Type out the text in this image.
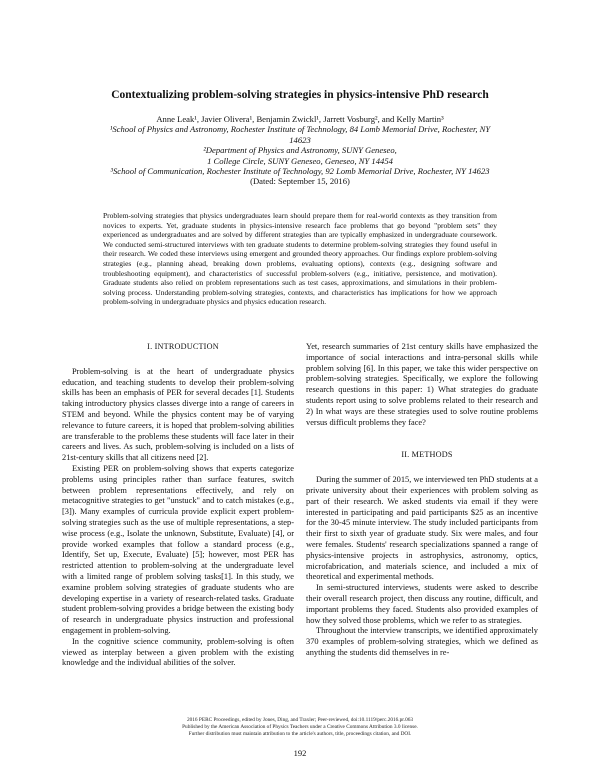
Contextualizing problem-solving strategies in physics-intensive PhD research
Anne Leak¹, Javier Olivera¹, Benjamin Zwickl¹, Jarrett Vosburg², and Kelly Martin³
¹School of Physics and Astronomy, Rochester Institute of Technology, 84 Lomb Memorial Drive, Rochester, NY
14623
²Department of Physics and Astronomy, SUNY Geneseo,
1 College Circle, SUNY Geneseo, Geneseo, NY 14454
³School of Communication, Rochester Institute of Technology, 92 Lomb Memorial Drive, Rochester, NY 14623
(Dated: September 15, 2016)
Problem-solving strategies that physics undergraduates learn should prepare them for real-world contexts as they transition from novices to experts. Yet, graduate students in physics-intensive research face problems that go beyond "problem sets" they experienced as undergraduates and are solved by different strategies than are typically emphasized in undergraduate coursework. We conducted semi-structured interviews with ten graduate students to determine problem-solving strategies they found useful in their research. We coded these interviews using emergent and grounded theory approaches. Our findings explore problem-solving strategies (e.g., planning ahead, breaking down problems, evaluating options), contexts (e.g., designing software and troubleshooting equipment), and characteristics of successful problem-solvers (e.g., initiative, persistence, and motivation). Graduate students also relied on problem representations such as test cases, approximations, and simulations in their problem-solving process. Understanding problem-solving strategies, contexts, and characteristics has implications for how we approach problem-solving in undergraduate physics and physics education research.

I. INTRODUCTION

Problem-solving is at the heart of undergraduate physics education, and teaching students to develop their problem-solving skills has been an emphasis of PER for several decades [1]. Students taking introductory physics classes diverge into a range of careers in STEM and beyond. While the physics content may be of varying relevance to future careers, it is hoped that problem-solving abilities are transferable to the problems these students will face later in their careers and lives. As such, problem-solving is included on a lists of 21st-century skills that all citizens need [2].

Existing PER on problem-solving shows that experts categorize problems using principles rather than surface features, switch between problem representations effectively, and rely on metacognitive strategies to get "unstuck" and to catch mistakes (e.g., [3]). Many examples of curricula provide explicit expert problem-solving strategies such as the use of multiple representations, a step-wise process (e.g., Isolate the unknown, Substitute, Evaluate) [4], or provide worked examples that follow a standard process (e.g., Identify, Set up, Execute, Evaluate) [5]; however, most PER has restricted attention to problem-solving at the undergraduate level with a limited range of problem solving tasks[1]. In this study, we examine problem solving strategies of graduate students who are developing expertise in a variety of research-related tasks. Graduate student problem-solving provides a bridge between the existing body of research in undergraduate physics instruction and professional engagement in problem-solving.

In the cognitive science community, problem-solving is often viewed as interplay between a given problem with the existing knowledge and the individual abilities of the solver.

Yet, research summaries of 21st century skills have emphasized the importance of social interactions and intra-personal skills while problem solving [6]. In this paper, we take this wider perspective on problem-solving strategies. Specifically, we explore the following research questions in this paper: 1) What strategies do graduate students report using to solve problems related to their research and 2) In what ways are these strategies used to solve routine problems versus difficult problems they face?

II. METHODS

During the summer of 2015, we interviewed ten PhD students at a private university about their experiences with problem solving as part of their research. We asked students via email if they were interested in participating and paid participants $25 as an incentive for the 30-45 minute interview. The study included participants from their first to sixth year of graduate study. Six were males, and four were females. Students' research specializations spanned a range of physics-intensive projects in astrophysics, astronomy, optics, microfabrication, and materials science, and included a mix of theoretical and experimental methods.

In semi-structured interviews, students were asked to describe their overall research project, then discuss any routine, difficult, and important problems they faced. Students also provided examples of how they solved those problems, which we refer to as strategies.

Throughout the interview transcripts, we identified approximately 370 examples of problem-solving strategies, which we defined as anything the students did themselves in re-

2016 PERC Proceedings, edited by Jones, Ding, and Traxler; Peer-reviewed, doi:10.1119/perc.2016.pr.063
Published by the American Association of Physics Teachers under a Creative Commons Attribution 3.0 license.
Further distribution must maintain attribution to the article's authors, title, proceedings citation, and DOI.
192
